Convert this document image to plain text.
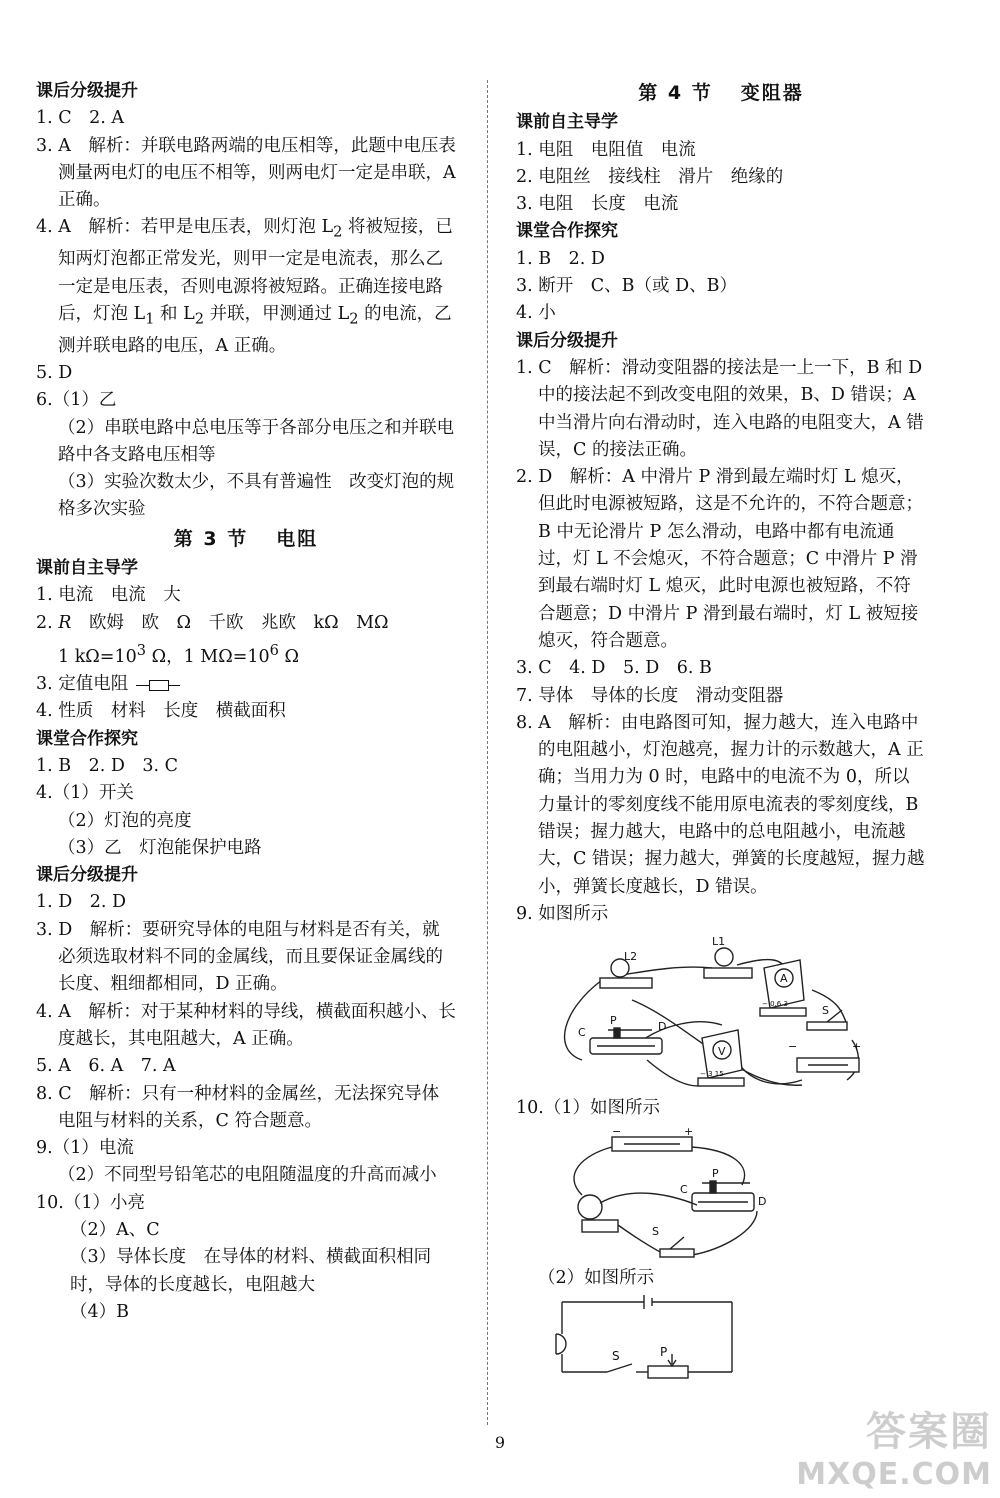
课后分级提升
1. C　2. A
3. A　解析：并联电路两端的电压相等，此题中电压表测量两电灯的电压不相等，则两电灯一定是串联，A 正确。
4. A　解析：若甲是电压表，则灯泡 $L_2$ 将被短接，已知两灯泡都正常发光，则甲一定是电流表，那么乙一定是电压表，否则电源将被短路。正确连接电路后，灯泡 $L_1$ 和 $L_2$ 并联，甲测通过 $L_2$ 的电流，乙测并联电路的电压，A 正确。
5. D
6.（1）乙
（2）串联电路中总电压等于各部分电压之和并联电路中各支路电压相等
（3）实验次数太少，不具有普遍性　改变灯泡的规格多次实验
第 3 节 电阻
课前自主导学
1. 电流　电流　大
2. R　欧姆　欧　Ω　千欧　兆欧　kΩ　MΩ
1 $k\Omega=10^3$ Ω，1 $M\Omega=10^6$ Ω
3. 定值电阻
4. 性质　材料　长度　横截面积
课堂合作探究
1. B　2. D　3. C
4.（1）开关
（2）灯泡的亮度
（3）乙　灯泡能保护电路
课后分级提升
1. D　2. D
3. D　解析：要研究导体的电阻与材料是否有关，就必须选取材料不同的金属线，而且要保证金属线的长度、粗细都相同，D 正确。
4. A　解析：对于某种材料的导线，横截面积越小、长度越长，其电阻越大，A 正确。
5. A　6. A　7. A
8. C　解析：只有一种材料的金属丝，无法探究导体电阻与材料的关系，C 符合题意。
9.（1）电流
（2）不同型号铅笔芯的电阻随温度的升高而减小
10.（1）小亮
（2）A、C
（3）导体长度　在导体的材料、横截面积相同时，导体的长度越长，电阻越大
（4）B
第 4 节 变阻器
课前自主导学
1. 电阻　电阻值　电流
2. 电阻丝　接线柱　滑片　绝缘的
3. 电阻　长度　电流
课堂合作探究
1. B　2. D
3. 断开　C、B（或 D、B）
4. 小
课后分级提升
1. C　解析：滑动变阻器的接法是一上一下，B 和 D 中的接法起不到改变电阻的效果，B、D 错误；A 中当滑片向右滑动时，连入电路的电阻变大，A 错误，C 的接法正确。
2. D　解析：A 中滑片 P 滑到最左端时灯 L 熄灭，但此时电源被短路，这是不允许的，不符合题意；B 中无论滑片 P 怎么滑动，电路中都有电流通过，灯 L 不会熄灭，不符合题意；C 中滑片 P 滑到最右端时灯 L 熄灭，此时电源也被短路，不符合题意；D 中滑片 P 滑到最右端时，灯 L 被短接熄灭，符合题意。
3. C　4. D　5. D　6. B
7. 导体　导体的长度　滑动变阻器
8. A　解析：由电路图可知，握力越大，连入电路中的电阻越小，灯泡越亮，握力计的示数越大，A 正确；当用力为 0 时，电路中的电流不为 0，所以力量计的零刻度线不能用原电流表的零刻度线，B 错误；握力越大，电路中的总电阻越小，电流越大，C 错误；握力越大，弹簧的长度越短，握力越小，弹簧长度越长，D 错误。
9. 如图所示
L2
L1
A
S
C
P	D
V	−	+
− 0.6 3
− 3 15
10.（1）如图所示
−	+
C
P
D
S
（2）如图所示
S	P
9	答案圈
MXQE.COM
